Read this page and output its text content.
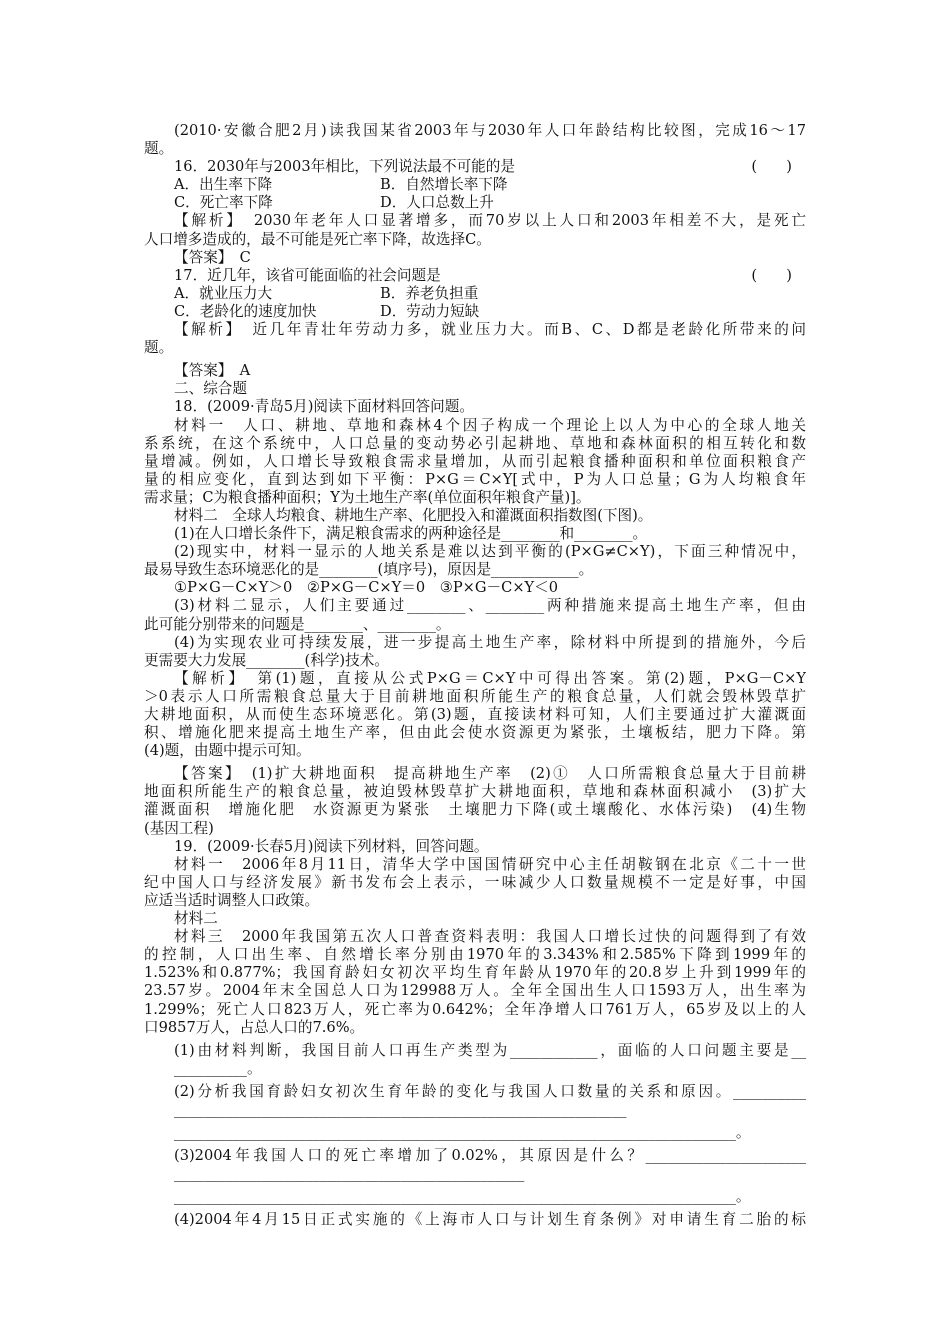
(2010·安徽合肥2月)读我国某省2003年与2030年人口年龄结构比较图，完成16～17
题。
16．2030年与2003年相比，下列说法最不可能的是	(　　)
A．出生率下降	B．自然增长率下降
C．死亡率下降	D．人口总数上升
【解析】　2030年老年人口显著增多，而70岁以上人口和2003年相差不大，是死亡
人口增多造成的，最不可能是死亡率下降，故选择C。
【答案】　C
17．近几年，该省可能面临的社会问题是	(　　)
A．就业压力大	B．养老负担重
C．老龄化的速度加快	D．劳动力短缺
【解析】　近几年青壮年劳动力多，就业压力大。而B、C、D都是老龄化所带来的问
题。
【答案】　A
二、综合题
18．(2009·青岛5月)阅读下面材料回答问题。
材料一　人口、耕地、草地和森林4个因子构成一个理论上以人为中心的全球人地关
系系统，在这个系统中，人口总量的变动势必引起耕地、草地和森林面积的相互转化和数
量增减。例如，人口增长导致粮食需求量增加，从而引起粮食播种面积和单位面积粮食产
量的相应变化，直到达到如下平衡：P×G＝C×Y[式中，P为人口总量；G为人均粮食年
需求量；C为粮食播种面积；Y为土地生产率(单位面积年粮食产量)]。
材料二　全球人均粮食、耕地生产率、化肥投入和灌溉面积指数图(下图)。
(1)在人口增长条件下，满足粮食需求的两种途径是________和________。
(2)现实中，材料一显示的人地关系是难以达到平衡的(P×G≠C×Y)，下面三种情况中，
最易导致生态环境恶化的是________(填序号)，原因是____________。
①P×G－C×Y＞0　②P×G－C×Y＝0　③P×G－C×Y＜0
(3)材料二显示，人们主要通过________、________两种措施来提高土地生产率，但由
此可能分别带来的问题是________、________。
(4)为实现农业可持续发展，进一步提高土地生产率，除材料中所提到的措施外，今后
更需要大力发展________(科学)技术。
【解析】　第(1)题，直接从公式P×G＝C×Y中可得出答案。第(2)题，P×G－C×Y
＞0表示人口所需粮食总量大于目前耕地面积所能生产的粮食总量，人们就会毁林毁草扩
大耕地面积，从而使生态环境恶化。第(3)题，直接读材料可知，人们主要通过扩大灌溉面
积、增施化肥来提高土地生产率，但由此会使水资源更为紧张，土壤板结，肥力下降。第
(4)题，由题中提示可知。
【答案】　(1)扩大耕地面积　提高耕地生产率　(2)①　人口所需粮食总量大于目前耕
地面积所能生产的粮食总量，被迫毁林毁草扩大耕地面积，草地和森林面积减小　(3)扩大
灌溉面积　增施化肥　水资源更为紧张　土壤肥力下降(或土壤酸化、水体污染)　(4)生物
(基因工程)
19．(2009·长春5月)阅读下列材料，回答问题。
材料一　2006年8月11日，清华大学中国国情研究中心主任胡鞍钢在北京《二十一世
纪中国人口与经济发展》新书发布会上表示，一味减少人口数量规模不一定是好事，中国
应适当适时调整人口政策。
材料二
材料三　2000年我国第五次人口普查资料表明：我国人口增长过快的问题得到了有效
的控制，人口出生率、自然增长率分别由1970年的3.343%和2.585%下降到1999年的
1.523%和0.877%；我国育龄妇女初次平均生育年龄从1970年的20.8岁上升到1999年的
23.57岁。2004年末全国总人口为129988万人。全年全国出生人口1593万人，出生率为
1.299%；死亡人口823万人，死亡率为0.642%；全年净增人口761万人，65岁及以上的人
口9857万人，占总人口的7.6%。
(1)由材料判断，我国目前人口再生产类型为____________，面临的人口问题主要是__
__________。
(2)分析我国育龄妇女初次生育年龄的变化与我国人口数量的关系和原因。__________
______________________________________________________________
_____________________________________________________________________________。
(3)2004年我国人口的死亡率增加了0.02%，其原因是什么？______________________
________________________________________________
_____________________________________________________________________________。
(4)2004年4月15日正式实施的《上海市人口与计划生育条例》对申请生育二胎的标
